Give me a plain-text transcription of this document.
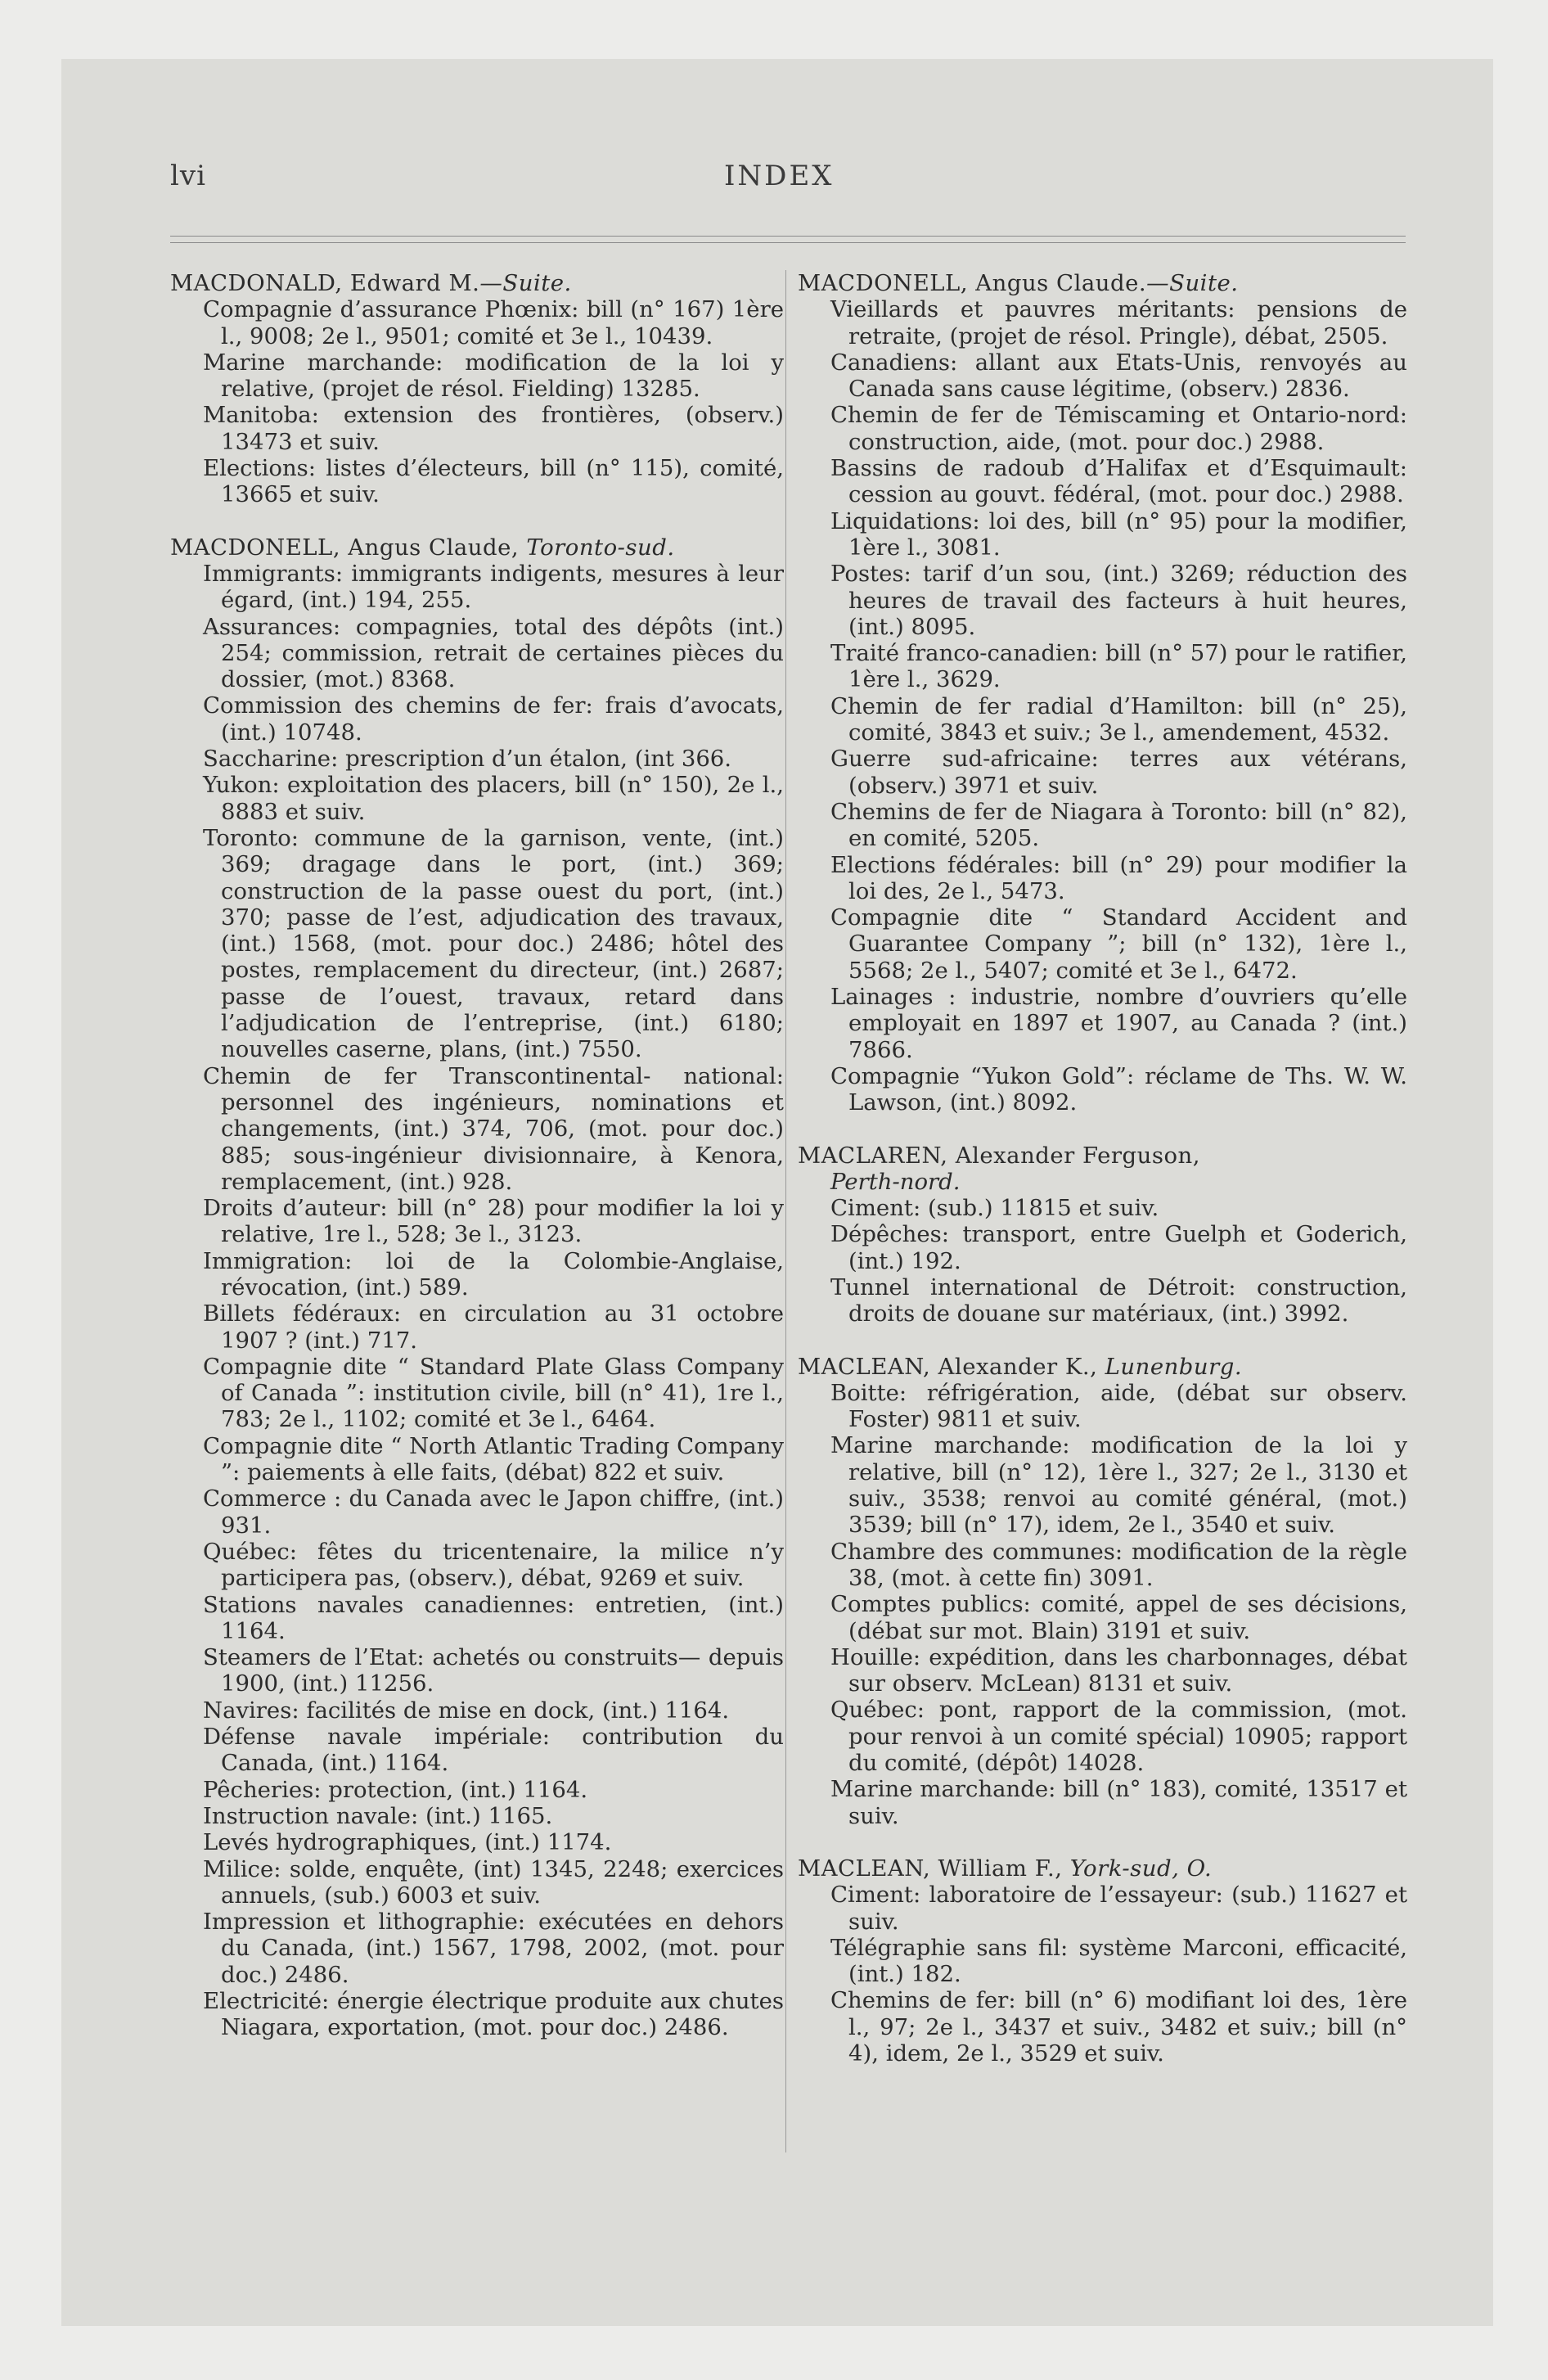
lvi	INDEX
MACDONALD, Edward M.—Suite.
Compagnie d’assurance Phœnix: bill (n° 167) 1ère l., 9008; 2e l., 9501; comité et 3e l., 10439.
Marine marchande: modification de la loi y relative, (projet de résol. Fielding) 13285.
Manitoba: extension des frontières, (observ.) 13473 et suiv.
Elections: listes d’électeurs, bill (n° 115), comité, 13665 et suiv.
MACDONELL, Angus Claude, Toronto-sud.
Immigrants: immigrants indigents, mesures à leur égard, (int.) 194, 255.
Assurances: compagnies, total des dépôts (int.) 254; commission, retrait de certaines pièces du dossier, (mot.) 8368.
Commission des chemins de fer: frais d’avocats, (int.) 10748.
Saccharine: prescription d’un étalon, (int 366.
Yukon: exploitation des placers, bill (n° 150), 2e l., 8883 et suiv.
Toronto: commune de la garnison, vente, (int.) 369; dragage dans le port, (int.) 369; construction de la passe ouest du port, (int.) 370; passe de l’est, adjudication des travaux, (int.) 1568, (mot. pour doc.) 2486; hôtel des postes, remplacement du directeur, (int.) 2687; passe de l’ouest, travaux, retard dans l’adjudication de l’entreprise, (int.) 6180; nouvelles caserne, plans, (int.) 7550.
Chemin de fer Transcontinental- national: personnel des ingénieurs, nominations et changements, (int.) 374, 706, (mot. pour doc.) 885; sous-ingénieur divisionnaire, à Kenora, remplacement, (int.) 928.
Droits d’auteur: bill (n° 28) pour modifier la loi y relative, 1re l., 528; 3e l., 3123.
Immigration: loi de la Colombie-Anglaise, révocation, (int.) 589.
Billets fédéraux: en circulation au 31 octobre 1907 ? (int.) 717.
Compagnie dite “ Standard Plate Glass Company of Canada ”: institution civile, bill (n° 41), 1re l., 783; 2e l., 1102; comité et 3e l., 6464.
Compagnie dite “ North Atlantic Trading Company ”: paiements à elle faits, (débat) 822 et suiv.
Commerce : du Canada avec le Japon chiffre, (int.) 931.
Québec: fêtes du tricentenaire, la milice n’y participera pas, (observ.), débat, 9269 et suiv.
Stations navales canadiennes: entretien, (int.) 1164.
Steamers de l’Etat: achetés ou construits— depuis 1900, (int.) 11256.
Navires: facilités de mise en dock, (int.) 1164.
Défense navale impériale: contribution du Canada, (int.) 1164.
Pêcheries: protection, (int.) 1164.
Instruction navale: (int.) 1165.
Levés hydrographiques, (int.) 1174.
Milice: solde, enquête, (int) 1345, 2248; exercices annuels, (sub.) 6003 et suiv.
Impression et lithographie: exécutées en dehors du Canada, (int.) 1567, 1798, 2002, (mot. pour doc.) 2486.
Electricité: énergie électrique produite aux chutes Niagara, exportation, (mot. pour doc.) 2486.
MACDONELL, Angus Claude.—Suite.
Vieillards et pauvres méritants: pensions de retraite, (projet de résol. Pringle), débat, 2505.
Canadiens: allant aux Etats-Unis, renvoyés au Canada sans cause légitime, (observ.) 2836.
Chemin de fer de Témiscaming et Ontario-nord: construction, aide, (mot. pour doc.) 2988.
Bassins de radoub d’Halifax et d’Esquimault: cession au gouvt. fédéral, (mot. pour doc.) 2988.
Liquidations: loi des, bill (n° 95) pour la modifier, 1ère l., 3081.
Postes: tarif d’un sou, (int.) 3269; réduction des heures de travail des facteurs à huit heures, (int.) 8095.
Traité franco-canadien: bill (n° 57) pour le ratifier, 1ère l., 3629.
Chemin de fer radial d’Hamilton: bill (n° 25), comité, 3843 et suiv.; 3e l., amendement, 4532.
Guerre sud-africaine: terres aux vétérans, (observ.) 3971 et suiv.
Chemins de fer de Niagara à Toronto: bill (n° 82), en comité, 5205.
Elections fédérales: bill (n° 29) pour modifier la loi des, 2e l., 5473.
Compagnie dite “ Standard Accident and Guarantee Company ”; bill (n° 132), 1ère l., 5568; 2e l., 5407; comité et 3e l., 6472.
Lainages : industrie, nombre d’ouvriers qu’elle employait en 1897 et 1907, au Canada ? (int.) 7866.
Compagnie “Yukon Gold”: réclame de Ths. W. W. Lawson, (int.) 8092.
MACLAREN, Alexander Ferguson,
Perth-nord.
Ciment: (sub.) 11815 et suiv.
Dépêches: transport, entre Guelph et Goderich, (int.) 192.
Tunnel international de Détroit: construction, droits de douane sur matériaux, (int.) 3992.
MACLEAN, Alexander K., Lunenburg.
Boitte: réfrigération, aide, (débat sur observ. Foster) 9811 et suiv.
Marine marchande: modification de la loi y relative, bill (n° 12), 1ère l., 327; 2e l., 3130 et suiv., 3538; renvoi au comité général, (mot.) 3539; bill (n° 17), idem, 2e l., 3540 et suiv.
Chambre des communes: modification de la règle 38, (mot. à cette fin) 3091.
Comptes publics: comité, appel de ses décisions, (débat sur mot. Blain) 3191 et suiv.
Houille: expédition, dans les charbonnages, débat sur observ. McLean) 8131 et suiv.
Québec: pont, rapport de la commission, (mot. pour renvoi à un comité spécial) 10905; rapport du comité, (dépôt) 14028.
Marine marchande: bill (n° 183), comité, 13517 et suiv.
MACLEAN, William F., York-sud, O.
Ciment: laboratoire de l’essayeur: (sub.) 11627 et suiv.
Télégraphie sans fil: système Marconi, efficacité, (int.) 182.
Chemins de fer: bill (n° 6) modifiant loi des, 1ère l., 97; 2e l., 3437 et suiv., 3482 et suiv.; bill (n° 4), idem, 2e l., 3529 et suiv.
